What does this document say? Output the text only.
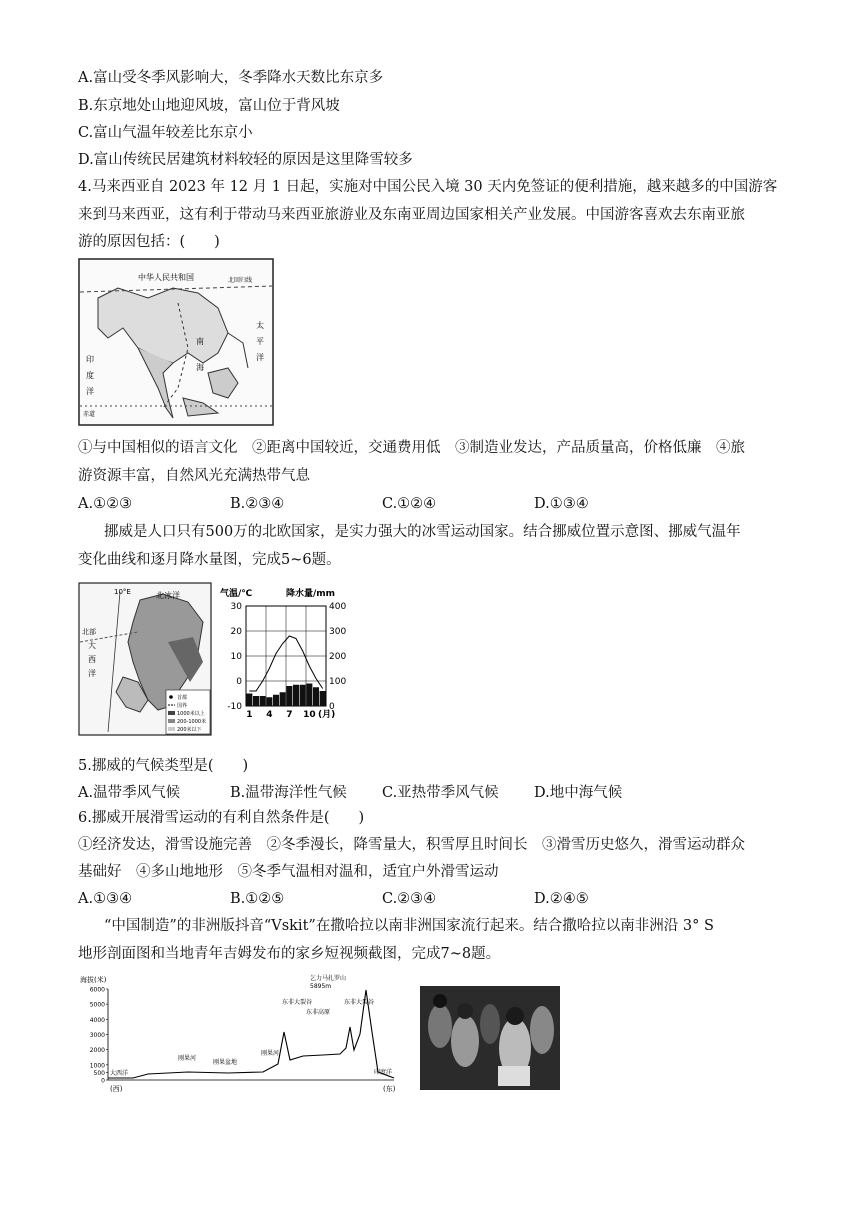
A.富山受冬季风影响大，冬季降水天数比东京多
B.东京地处山地迎风坡，富山位于背风坡
C.富山气温年较差比东京小
D.富山传统民居建筑材料较轻的原因是这里降雪较多
4.马来西亚自 2023 年 12 月 1 日起，实施对中国公民入境 30 天内免签证的便利措施，越来越多的中国游客
来到马来西亚，这有利于带动马来西亚旅游业及东南亚周边国家相关产业发展。中国游客喜欢去东南亚旅
游的原因包括：(　　)
中华人民共和国	北回归线
太
平
洋
印
度
洋
南
海
赤道
①与中国相似的语言文化　②距离中国较近，交通费用低　③制造业发达，产品质量高，价格低廉　④旅
游资源丰富，自然风光充满热带气息
A.①②③	B.②③④	C.①②④	D.①③④
挪威是人口只有500万的北欧国家，是实力强大的冰雪运动国家。结合挪威位置示意图、挪威气温年
变化曲线和逐月降水量图，完成5~6题。
10°E	北冰洋
北部
大
西
洋
首都
国界
1000米以上
200-1000米
200米以下
气温/℃	降水量/mm
30
20
10
0
-10
400
300
200
100
0
1 4 7 10 (月)
5.挪威的气候类型是(　　)
A.温带季风气候	B.温带海洋性气候 C.亚热带季风气候 D.地中海气候
6.挪威开展滑雪运动的有利自然条件是(　　)
①经济发达，滑雪设施完善　②冬季漫长，降雪量大，积雪厚且时间长　③滑雪历史悠久，滑雪运动群众
基础好　④多山地地形　⑤冬季气温相对温和，适宜户外滑雪运动
A.①③④	B.①②⑤	C.②③④	D.②④⑤
“中国制造”的非洲版抖音“Vskit”在撒哈拉以南非洲国家流行起来。结合撒哈拉以南非洲沿 3° S
地形剖面图和当地青年吉姆发布的家乡短视频截图，完成7~8题。
海拔(米)
6000
5000
4000
3000
2000
1000
500
0
乞力马扎罗山
5895m
大西洋
刚果河
刚果盆地
刚果河
东非大裂谷
东非高原
东非大裂谷
印度洋
(西)	(东)
